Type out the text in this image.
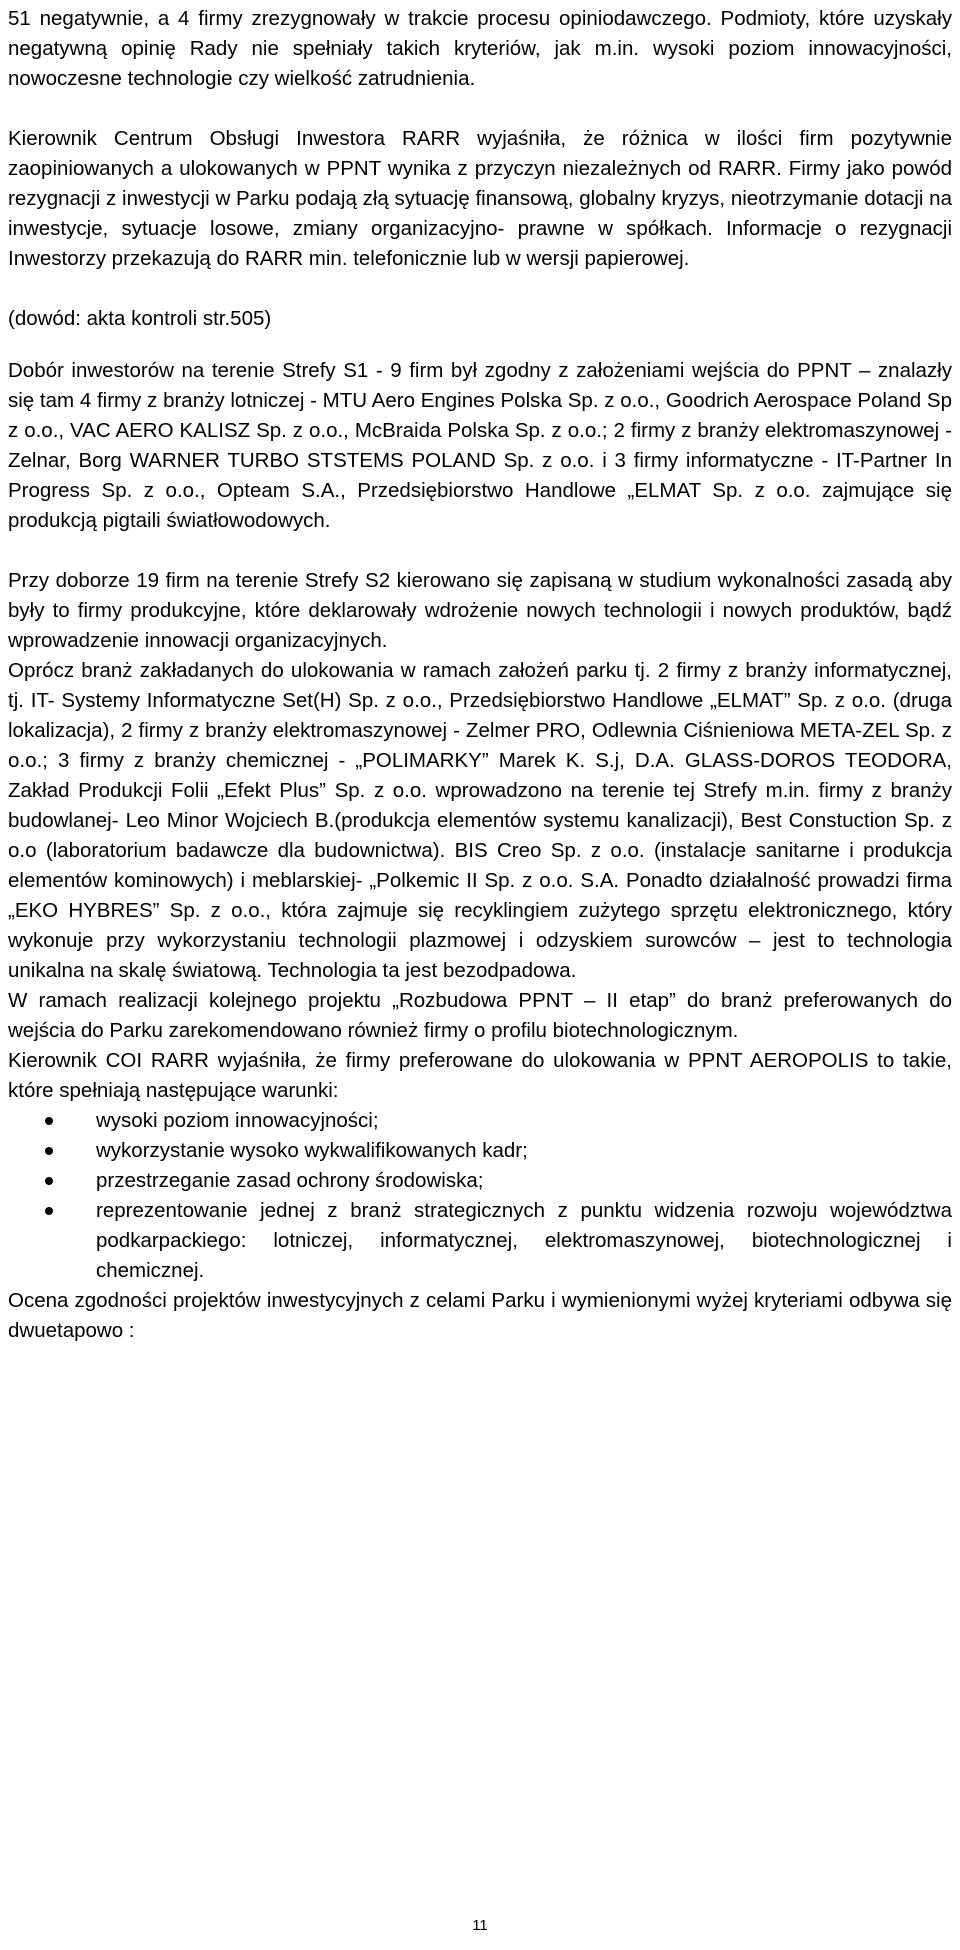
51 negatywnie, a 4 firmy zrezygnowały w trakcie procesu opiniodawczego. Podmioty, które uzyskały negatywną opinię Rady nie spełniały takich kryteriów, jak m.in. wysoki poziom innowacyjności, nowoczesne technologie czy wielkość zatrudnienia.

Kierownik Centrum Obsługi Inwestora RARR wyjaśniła, że różnica w ilości firm pozytywnie zaopiniowanych a ulokowanych w PPNT wynika z przyczyn niezależnych od RARR. Firmy jako powód rezygnacji z inwestycji w Parku podają złą sytuację finansową, globalny kryzys, nieotrzymanie dotacji na inwestycje, sytuacje losowe, zmiany organizacyjno- prawne w spółkach. Informacje o rezygnacji Inwestorzy przekazują do RARR min. telefonicznie lub w wersji papierowej.

(dowód: akta kontroli str.505)

Dobór inwestorów na terenie Strefy S1 - 9 firm był zgodny z założeniami wejścia do PPNT – znalazły się tam 4 firmy z branży lotniczej - MTU Aero Engines Polska Sp. z o.o., Goodrich Aerospace Poland Sp z o.o., VAC AERO KALISZ Sp. z o.o., McBraida Polska Sp. z o.o.; 2 firmy z branży elektromaszynowej - Zelnar, Borg WARNER TURBO STSTEMS POLAND Sp. z o.o. i 3 firmy informatyczne - IT-Partner In Progress Sp. z o.o., Opteam S.A., Przedsiębiorstwo Handlowe „ELMAT Sp. z o.o. zajmujące się produkcją pigtaili światłowodowych.

Przy doborze 19 firm na terenie Strefy S2 kierowano się zapisaną w studium wykonalności zasadą aby były to firmy produkcyjne, które deklarowały wdrożenie nowych technologii i nowych produktów, bądź wprowadzenie innowacji organizacyjnych.

Oprócz branż zakładanych do ulokowania w ramach założeń parku tj. 2 firmy z branży informatycznej, tj. IT- Systemy Informatyczne Set(H) Sp. z o.o., Przedsiębiorstwo Handlowe „ELMAT” Sp. z o.o. (druga lokalizacja), 2 firmy z branży elektromaszynowej - Zelmer PRO, Odlewnia Ciśnieniowa META-ZEL Sp. z o.o.; 3 firmy z branży chemicznej - „POLIMARKY” Marek K. S.j, D.A. GLASS-DOROS TEODORA, Zakład Produkcji Folii „Efekt Plus” Sp. z o.o. wprowadzono na terenie tej Strefy m.in. firmy z branży budowlanej- Leo Minor Wojciech B.(produkcja elementów systemu kanalizacji), Best Constuction Sp. z o.o (laboratorium badawcze dla budownictwa). BIS Creo Sp. z o.o. (instalacje sanitarne i produkcja elementów kominowych) i meblarskiej- „Polkemic II Sp. z o.o. S.A. Ponadto działalność prowadzi firma „EKO HYBRES” Sp. z o.o., która zajmuje się recyklingiem zużytego sprzętu elektronicznego, który wykonuje przy wykorzystaniu technologii plazmowej i odzyskiem surowców – jest to technologia unikalna na skalę światową. Technologia ta jest bezodpadowa.

W ramach realizacji kolejnego projektu „Rozbudowa PPNT – II etap” do branż preferowanych do wejścia do Parku zarekomendowano również firmy o profilu biotechnologicznym.

Kierownik COI RARR wyjaśniła, że firmy preferowane do ulokowania w PPNT AEROPOLIS to takie, które spełniają następujące warunki:

wysoki poziom innowacyjności;
wykorzystanie wysoko wykwalifikowanych kadr;
przestrzeganie zasad ochrony środowiska;
reprezentowanie jednej z branż strategicznych z punktu widzenia rozwoju województwa podkarpackiego: lotniczej, informatycznej, elektromaszynowej, biotechnologicznej i chemicznej.

Ocena zgodności projektów inwestycyjnych z celami Parku i wymienionymi wyżej kryteriami odbywa się dwuetapowo :

11
